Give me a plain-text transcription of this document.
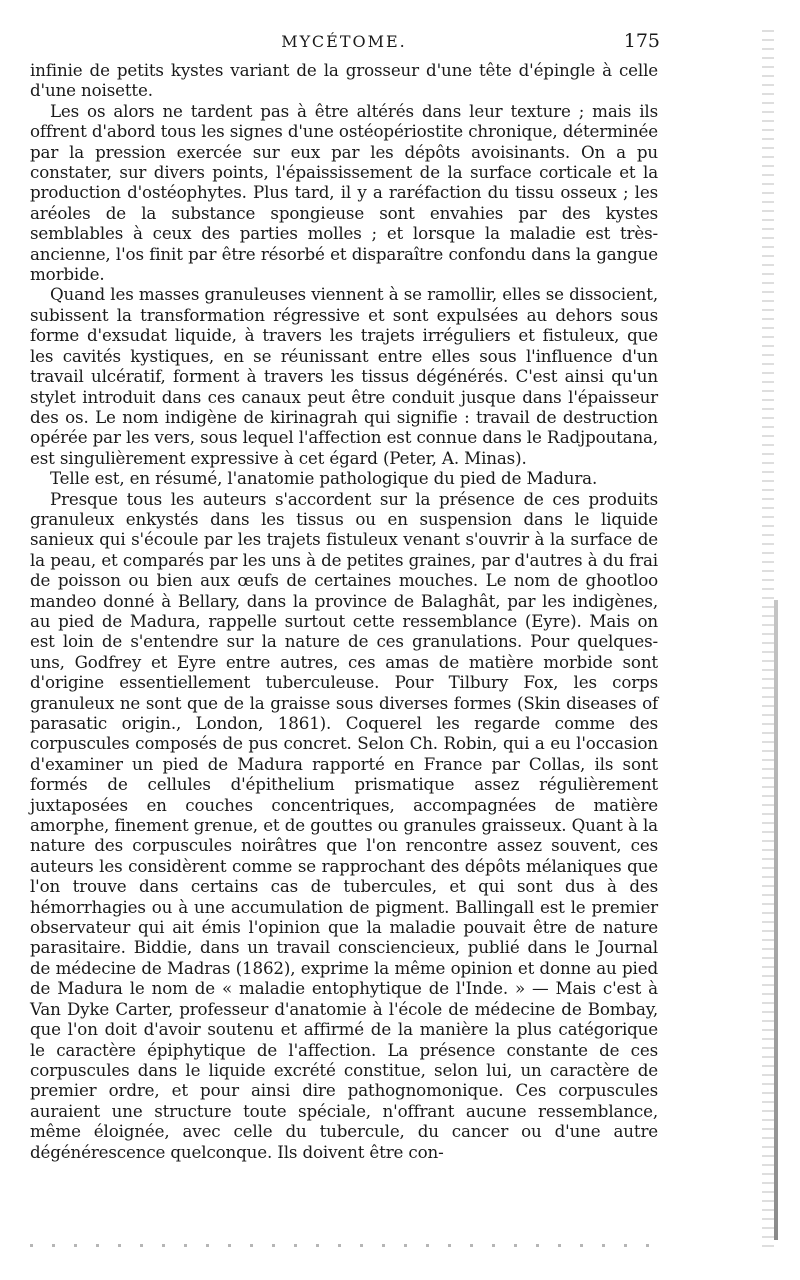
MYCÉTOME.	175

infinie de petits kystes variant de la grosseur d'une tête d'épingle à celle d'une noisette.

Les os alors ne tardent pas à être altérés dans leur texture ; mais ils offrent d'abord tous les signes d'une ostéopériostite chronique, déterminée par la pression exercée sur eux par les dépôts avoisinants. On a pu constater, sur divers points, l'épaississement de la surface corticale et la production d'ostéophytes. Plus tard, il y a raréfaction du tissu osseux ; les aréoles de la substance spongieuse sont envahies par des kystes semblables à ceux des parties molles ; et lorsque la maladie est très-ancienne, l'os finit par être résorbé et disparaître confondu dans la gangue morbide.

Quand les masses granuleuses viennent à se ramollir, elles se dissocient, subissent la transformation régressive et sont expulsées au dehors sous forme d'exsudat liquide, à travers les trajets irréguliers et fistuleux, que les cavités kystiques, en se réunissant entre elles sous l'influence d'un travail ulcératif, forment à travers les tissus dégénérés. C'est ainsi qu'un stylet introduit dans ces canaux peut être conduit jusque dans l'épaisseur des os. Le nom indigène de kirinagrah qui signifie : travail de destruction opérée par les vers, sous lequel l'affection est connue dans le Radjpoutana, est singulièrement expressive à cet égard (Peter, A. Minas).

Telle est, en résumé, l'anatomie pathologique du pied de Madura.

Presque tous les auteurs s'accordent sur la présence de ces produits granuleux enkystés dans les tissus ou en suspension dans le liquide sanieux qui s'écoule par les trajets fistuleux venant s'ouvrir à la surface de la peau, et comparés par les uns à de petites graines, par d'autres à du frai de poisson ou bien aux œufs de certaines mouches. Le nom de ghootloo mandeo donné à Bellary, dans la province de Balaghât, par les indigènes, au pied de Madura, rappelle surtout cette ressemblance (Eyre). Mais on est loin de s'entendre sur la nature de ces granulations. Pour quelques-uns, Godfrey et Eyre entre autres, ces amas de matière morbide sont d'origine essentiellement tuberculeuse. Pour Tilbury Fox, les corps granuleux ne sont que de la graisse sous diverses formes (Skin diseases of parasatic origin., London, 1861). Coquerel les regarde comme des corpuscules composés de pus concret. Selon Ch. Robin, qui a eu l'occasion d'examiner un pied de Madura rapporté en France par Collas, ils sont formés de cellules d'épithelium prismatique assez régulièrement juxtaposées en couches concentriques, accompagnées de matière amorphe, finement grenue, et de gouttes ou granules graisseux. Quant à la nature des corpuscules noirâtres que l'on rencontre assez souvent, ces auteurs les considèrent comme se rapprochant des dépôts mélaniques que l'on trouve dans certains cas de tubercules, et qui sont dus à des hémorrhagies ou à une accumulation de pigment. Ballingall est le premier observateur qui ait émis l'opinion que la maladie pouvait être de nature parasitaire. Biddie, dans un travail consciencieux, publié dans le Journal de médecine de Madras (1862), exprime la même opinion et donne au pied de Madura le nom de « maladie entophytique de l'Inde. » — Mais c'est à Van Dyke Carter, professeur d'anatomie à l'école de médecine de Bombay, que l'on doit d'avoir soutenu et affirmé de la manière la plus catégorique le caractère épiphytique de l'affection. La présence constante de ces corpuscules dans le liquide excrété constitue, selon lui, un caractère de premier ordre, et pour ainsi dire pathognomonique. Ces corpuscules auraient une structure toute spéciale, n'offrant aucune ressemblance, même éloignée, avec celle du tubercule, du cancer ou d'une autre dégénérescence quelconque. Ils doivent être con-
